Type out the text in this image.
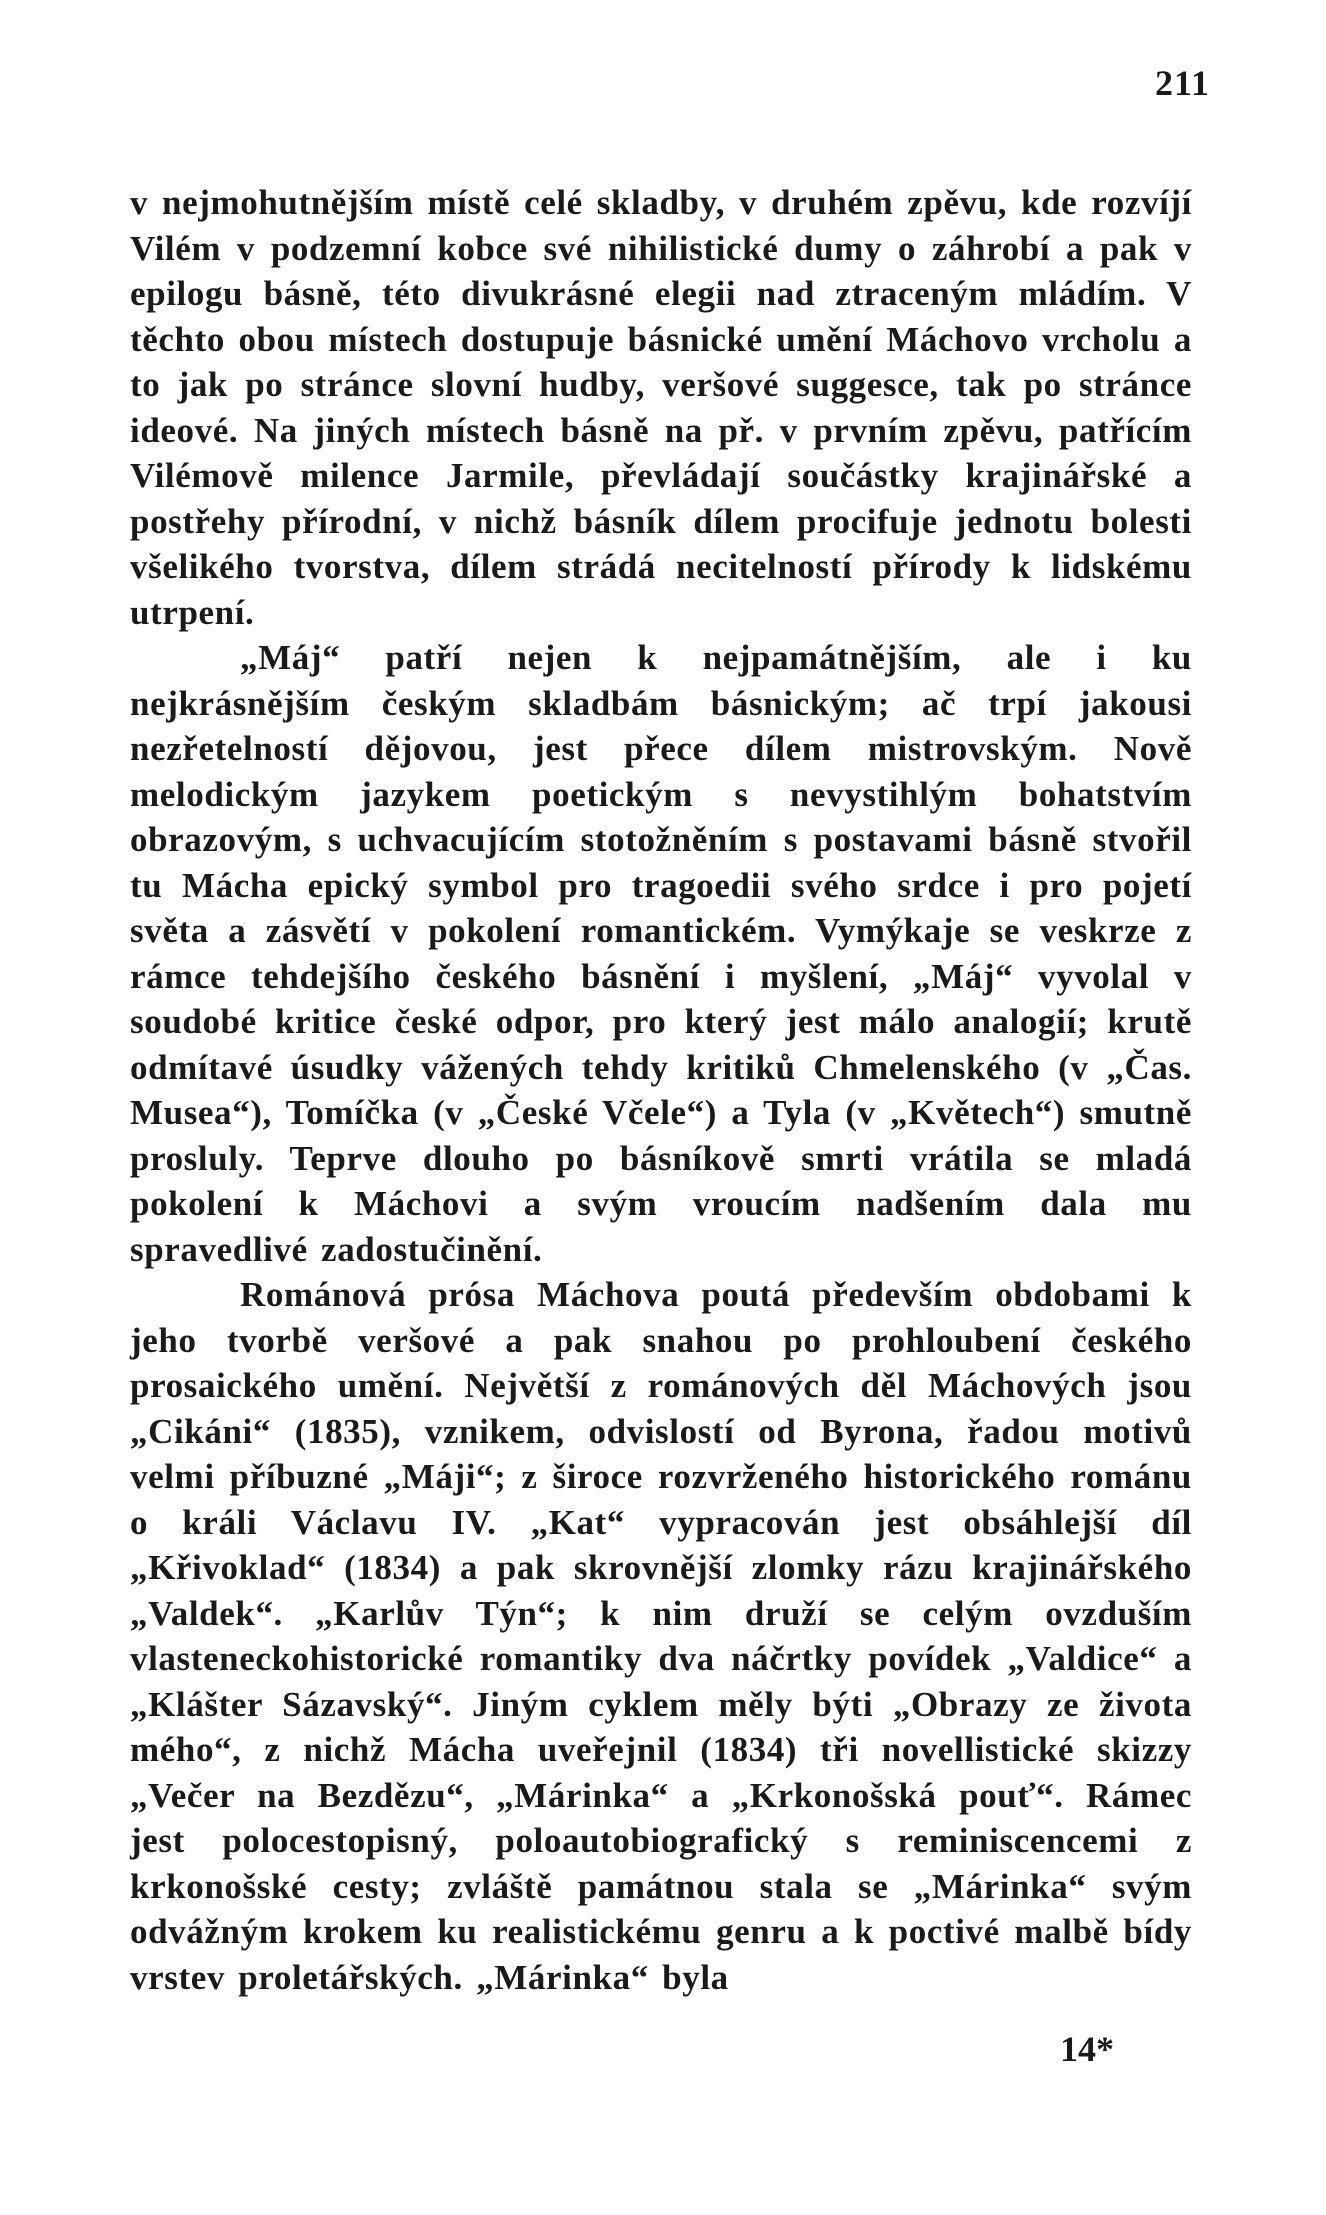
211

v nejmohutnějším místě celé skladby, v druhém zpěvu, kde rozvíjí Vilém v podzemní kobce své nihilistické dumy o záhrobí a pak v epilogu básně, této divukrásné elegii nad ztraceným mládím. V těchto obou místech dostupuje básnické umění Máchovo vrcholu a to jak po stránce slovní hudby, veršové suggesce, tak po stránce ideové. Na jiných místech básně na př. v prvním zpěvu, patřícím Vilémově milence Jarmile, převládají součástky krajinářské a postřehy přírodní, v nichž básník dílem procifuje jednotu bolesti všelikého tvorstva, dílem strádá necitelností přírody k lidskému utrpení.

„Máj“ patří nejen k nejpamátnějším, ale i ku nejkrásnějším českým skladbám básnickým; ač trpí jakousi nezřetelností dějovou, jest přece dílem mistrovským. Nově melodickým jazykem poetickým s nevystihlým bohatstvím obrazovým, s uchvacujícím stotožněním s postavami básně stvořil tu Mácha epický symbol pro tragoedii svého srdce i pro pojetí světa a zásvětí v pokolení romantickém. Vymýkaje se veskrze z rámce tehdejšího českého básnění i myšlení, „Máj“ vyvolal v soudobé kritice české odpor, pro který jest málo analogií; krutě odmítavé úsudky vážených tehdy kritiků Chmelenského (v „Čas. Musea“), Tomíčka (v „České Včele“) a Tyla (v „Květech“) smutně prosluly. Teprve dlouho po básníkově smrti vrátila se mladá pokolení k Máchovi a svým vroucím nadšením dala mu spravedlivé zadostučinění.

Románová prósa Máchova poutá především obdobami k jeho tvorbě veršové a pak snahou po prohloubení českého prosaického umění. Největší z románových děl Máchových jsou „Cikáni“ (1835), vznikem, odvislostí od Byrona, řadou motivů velmi příbuzné „Máji“; z široce rozvrženého historického románu o králi Václavu IV. „Kat“ vypracován jest obsáhlejší díl „Křivoklad“ (1834) a pak skrovnější zlomky rázu krajinářského „Valdek“. „Karlův Týn“; k nim druží se celým ovzduším vlasteneckohistorické romantiky dva náčrtky povídek „Valdice“ a „Klášter Sázavský“. Jiným cyklem měly býti „Obrazy ze života mého“, z nichž Mácha uveřejnil (1834) tři novellistické skizzy „Večer na Bezdězu“, „Márinka“ a „Krkonošská pouť“. Rámec jest polocestopisný, poloautobiografický s reminiscencemi z krkonošské cesty; zvláště památnou stala se „Márinka“ svým odvážným krokem ku realistickému genru a k poctivé malbě bídy vrstev proletářských. „Márinka“ byla

14*
